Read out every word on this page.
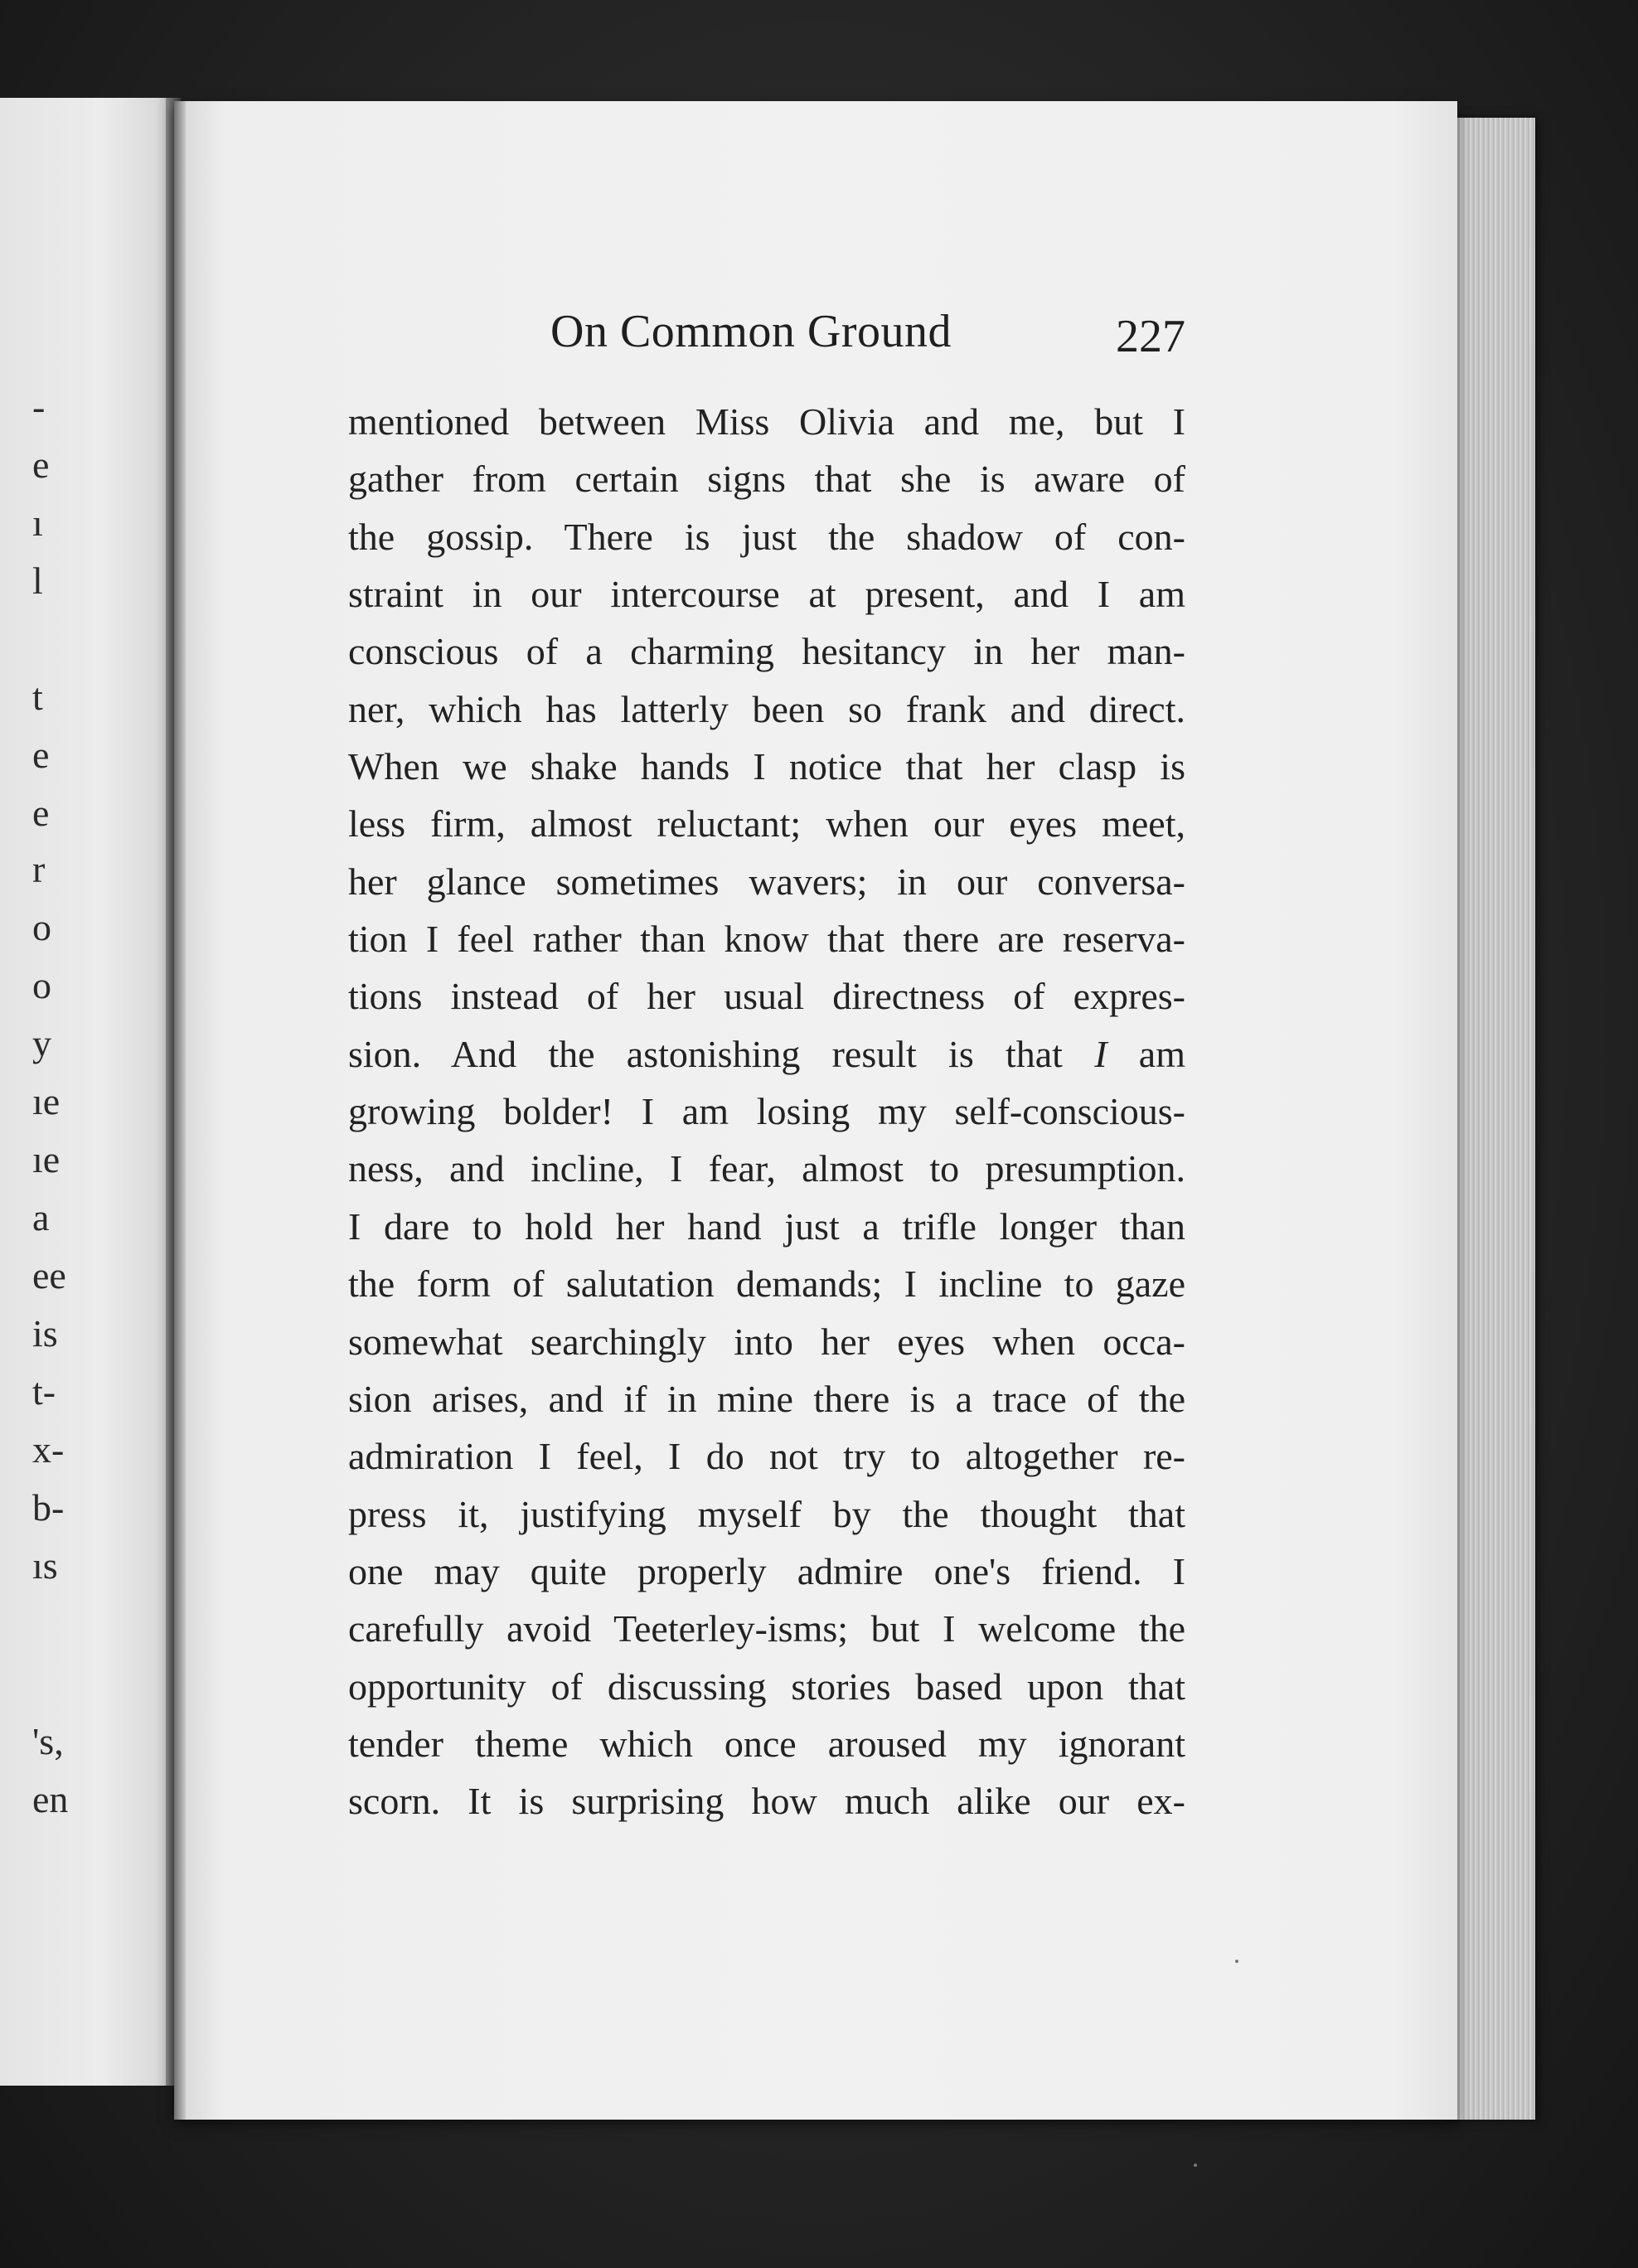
-
e
ı
l
t
e
e
r
o
o
y
ıe
ıe
a
ee
is
t-
x-
b-
ıs
's,
en
On Common Ground	227
mentioned between Miss Olivia and me, but I
gather from certain signs that she is aware of
the gossip. There is just the shadow of con-
straint in our intercourse at present, and I am
conscious of a charming hesitancy in her man-
ner, which has latterly been so frank and direct.
When we shake hands I notice that her clasp is
less firm, almost reluctant; when our eyes meet,
her glance sometimes wavers; in our conversa-
tion I feel rather than know that there are reserva-
tions instead of her usual directness of expres-
sion. And the astonishing result is that I am
growing bolder! I am losing my self-conscious-
ness, and incline, I fear, almost to presumption.
I dare to hold her hand just a trifle longer than
the form of salutation demands; I incline to gaze
somewhat searchingly into her eyes when occa-
sion arises, and if in mine there is a trace of the
admiration I feel, I do not try to altogether re-
press it, justifying myself by the thought that
one may quite properly admire one's friend. I
carefully avoid Teeterley-isms; but I welcome the
opportunity of discussing stories based upon that
tender theme which once aroused my ignorant
scorn. It is surprising how much alike our ex-
